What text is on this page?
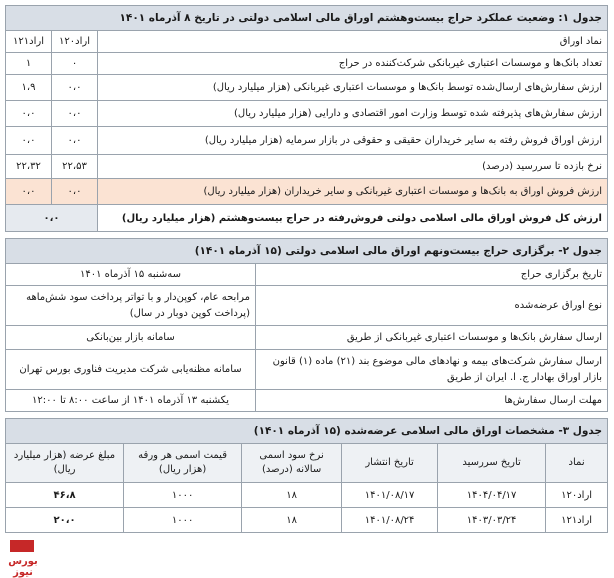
جدول ۱: وضعیت عملکرد حراج بیست‌وهشتم اوراق مالی اسلامی دولتی در تاریخ ۸ آذرماه ۱۴۰۱		
نماد اوراق	اراد۱۲۰	اراد۱۲۱
تعداد بانک‌ها و موسسات اعتباری غیربانکی شرکت‌کننده در حراج	۰	۱
ارزش سفارش‌های ارسال‌شده توسط بانک‌ها و موسسات اعتباری غیربانکی (هزار میلیارد ریال)	۰،۰	۱،۹
ارزش سفارش‌های پذیرفته شده توسط وزارت امور اقتصادی و دارایی (هزار میلیارد ریال)	۰،۰	۰،۰
ارزش اوراق فروش رفته به سایر خریداران حقیقی و حقوقی در بازار سرمایه (هزار میلیارد ریال)	۰،۰	۰،۰
نرخ بازده تا سررسید (درصد)	۲۲،۵۳	۲۲،۳۲
ارزش فروش اوراق به بانک‌ها و موسسات اعتباری غیربانکی و سایر خریداران (هزار میلیارد ریال)	۰،۰	۰،۰
ارزش کل فروش اوراق مالی اسلامی دولتی فروش‌رفته در حراج بیست‌وهشتم (هزار میلیارد ریال)	۰،۰	
جدول ۲- برگزاری حراج بیست‌ونهم اوراق مالی اسلامی دولتی (۱۵ آذرماه ۱۴۰۱)	
تاریخ برگزاری حراج	سه‌شنبه ۱۵ آذرماه ۱۴۰۱
نوع اوراق عرضه‌شده	مرابحه عام، کوپن‌دار و با تواتر پرداخت سود شش‌ماهه (پرداخت کوپن دوبار در سال)
ارسال سفارش بانک‌ها و موسسات اعتباری غیربانکی از طریق	سامانه بازار بین‌بانکی
ارسال سفارش شرکت‌های بیمه و نهادهای مالی موضوع بند (۲۱) ماده (۱) قانون بازار اوراق بهادار ج. ا. ایران از طریق	سامانه مظنه‌یابی شرکت مدیریت فناوری بورس تهران
مهلت ارسال سفارش‌ها	یکشنبه ۱۳ آذرماه ۱۴۰۱ از ساعت ۸:۰۰ تا ۱۲:۰۰
جدول ۳- مشخصات اوراق مالی اسلامی عرضه‌شده (۱۵ آذرماه ۱۴۰۱)					
نماد	تاریخ سررسید	تاریخ انتشار	نرخ سود اسمی سالانه (درصد)	قیمت اسمی هر ورقه (هزار ریال)	مبلغ عرضه (هزار میلیارد ریال)
اراد۱۲۰	۱۴۰۴/۰۴/۱۷	۱۴۰۱/۰۸/۱۷	۱۸	۱۰۰۰	۴۶،۸
اراد۱۲۱	۱۴۰۳/۰۳/۲۴	۱۴۰۱/۰۸/۲۴	۱۸	۱۰۰۰	۲۰،۰
بورس نیوز
